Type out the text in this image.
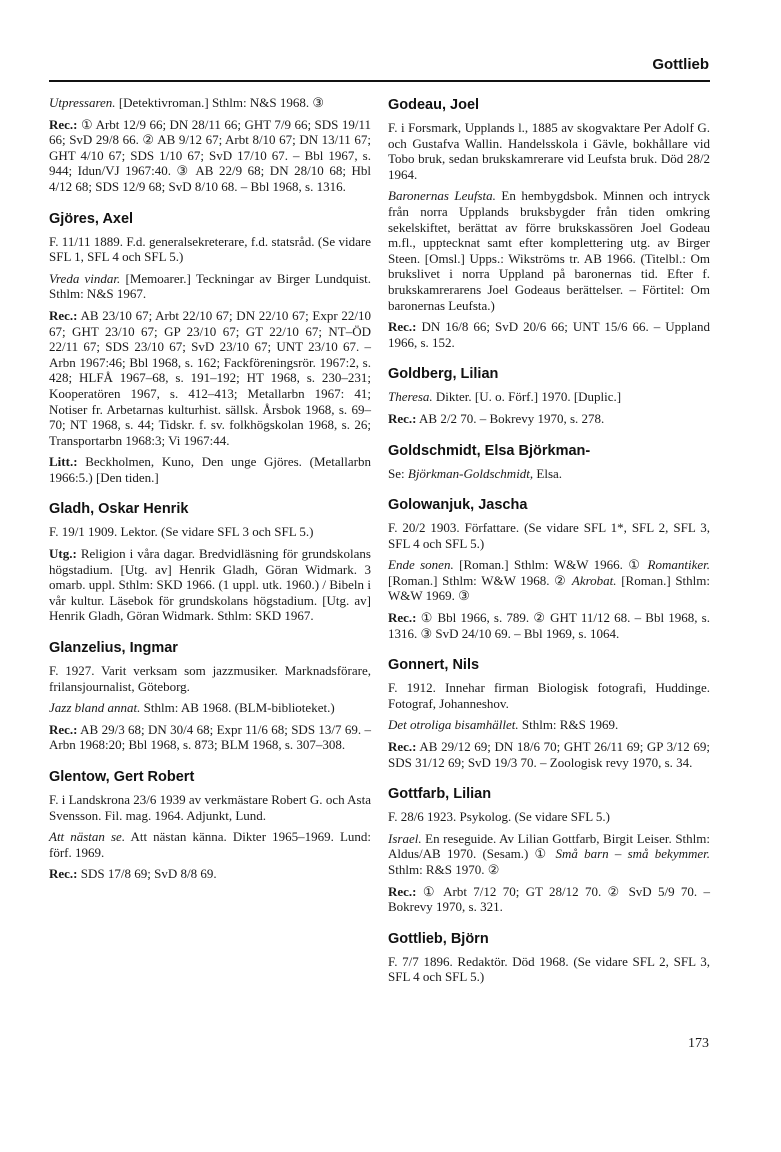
Gottlieb

Utpressaren. [Detektivroman.] Sthlm: N&S 1968. ③

Rec.: ① Arbt 12/9 66; DN 28/11 66; GHT 7/9 66; SDS 19/11 66; SvD 29/8 66. ② AB 9/12 67; Arbt 8/10 67; DN 13/11 67; GHT 4/10 67; SDS 1/10 67; SvD 17/10 67. – Bbl 1967, s. 944; Idun/VJ 1967:40. ③ AB 22/9 68; DN 28/10 68; Hbl 4/12 68; SDS 12/9 68; SvD 8/10 68. – Bbl 1968, s. 1316.

Gjöres, Axel

F. 11/11 1889. F.d. generalsekreterare, f.d. statsråd. (Se vidare SFL 1, SFL 4 och SFL 5.)

Vreda vindar. [Memoarer.] Teckningar av Birger Lundquist. Sthlm: N&S 1967.

Rec.: AB 23/10 67; Arbt 22/10 67; DN 22/10 67; Expr 22/10 67; GHT 23/10 67; GP 23/10 67; GT 22/10 67; NT–ÖD 22/11 67; SDS 23/10 67; SvD 23/10 67; UNT 23/10 67. – Arbn 1967:46; Bbl 1968, s. 162; Fackföreningsrör. 1967:2, s. 428; HLFÅ 1967–68, s. 191–192; HT 1968, s. 230–231; Kooperatören 1967, s. 412–413; Metallarbn 1967: 41; Notiser fr. Arbetarnas kulturhist. sällsk. Årsbok 1968, s. 69–70; NT 1968, s. 44; Tidskr. f. sv. folkhögskolan 1968, s. 26; Transportarbn 1968:3; Vi 1967:44.

Litt.: Beckholmen, Kuno, Den unge Gjöres. (Metallarbn 1966:5.) [Den tiden.]

Gladh, Oskar Henrik

F. 19/1 1909. Lektor. (Se vidare SFL 3 och SFL 5.)

Utg.: Religion i våra dagar. Bredvidläsning för grundskolans högstadium. [Utg. av] Henrik Gladh, Göran Widmark. 3 omarb. uppl. Sthlm: SKD 1966. (1 uppl. utk. 1960.) / Bibeln i vår kultur. Läsebok för grundskolans högstadium. [Utg. av] Henrik Gladh, Göran Widmark. Sthlm: SKD 1967.

Glanzelius, Ingmar

F. 1927. Varit verksam som jazzmusiker. Marknadsförare, frilansjournalist, Göteborg.

Jazz bland annat. Sthlm: AB 1968. (BLM-biblioteket.)

Rec.: AB 29/3 68; DN 30/4 68; Expr 11/6 68; SDS 13/7 69. – Arbn 1968:20; Bbl 1968, s. 873; BLM 1968, s. 307–308.

Glentow, Gert Robert

F. i Landskrona 23/6 1939 av verkmästare Robert G. och Asta Svensson. Fil. mag. 1964. Adjunkt, Lund.

Att nästan se. Att nästan känna. Dikter 1965–1969. Lund: förf. 1969.

Rec.: SDS 17/8 69; SvD 8/8 69.

Godeau, Joel

F. i Forsmark, Upplands l., 1885 av skogvaktare Per Adolf G. och Gustafva Wallin. Handelsskola i Gävle, bokhållare vid Tobo bruk, sedan brukskamrerare vid Leufsta bruk. Död 28/2 1964.

Baronernas Leufsta. En hembygdsbok. Minnen och intryck från norra Upplands bruksbygder från tiden omkring sekelskiftet, berättat av förre brukskassören Joel Godeau m.fl., upptecknat samt efter komplettering utg. av Birger Steen. [Omsl.] Upps.: Wikströms tr. AB 1966. (Titelbl.: Om brukslivet i norra Uppland på baronernas tid. Efter f. brukskamrerarens Joel Godeaus berättelser. – Förtitel: Om baronernas Leufsta.)

Rec.: DN 16/8 66; SvD 20/6 66; UNT 15/6 66. – Uppland 1966, s. 152.

Goldberg, Lilian

Theresa. Dikter. [U. o. Förf.] 1970. [Duplic.]

Rec.: AB 2/2 70. – Bokrevy 1970, s. 278.

Goldschmidt, Elsa Björkman-

Se: Björkman-Goldschmidt, Elsa.

Golowanjuk, Jascha

F. 20/2 1903. Författare. (Se vidare SFL 1*, SFL 2, SFL 3, SFL 4 och SFL 5.)

Ende sonen. [Roman.] Sthlm: W&W 1966. ① Romantiker. [Roman.] Sthlm: W&W 1968. ② Akrobat. [Roman.] Sthlm: W&W 1969. ③

Rec.: ① Bbl 1966, s. 789. ② GHT 11/12 68. – Bbl 1968, s. 1316. ③ SvD 24/10 69. – Bbl 1969, s. 1064.

Gonnert, Nils

F. 1912. Innehar firman Biologisk fotografi, Huddinge. Fotograf, Johanneshov.

Det otroliga bisamhället. Sthlm: R&S 1969.

Rec.: AB 29/12 69; DN 18/6 70; GHT 26/11 69; GP 3/12 69; SDS 31/12 69; SvD 19/3 70. – Zoologisk revy 1970, s. 34.

Gottfarb, Lilian

F. 28/6 1923. Psykolog. (Se vidare SFL 5.)

Israel. En reseguide. Av Lilian Gottfarb, Birgit Leiser. Sthlm: Aldus/AB 1970. (Sesam.) ① Små barn – små bekymmer. Sthlm: R&S 1970. ②

Rec.: ① Arbt 7/12 70; GT 28/12 70. ② SvD 5/9 70. – Bokrevy 1970, s. 321.

Gottlieb, Björn

F. 7/7 1896. Redaktör. Död 1968. (Se vidare SFL 2, SFL 3, SFL 4 och SFL 5.)

173
